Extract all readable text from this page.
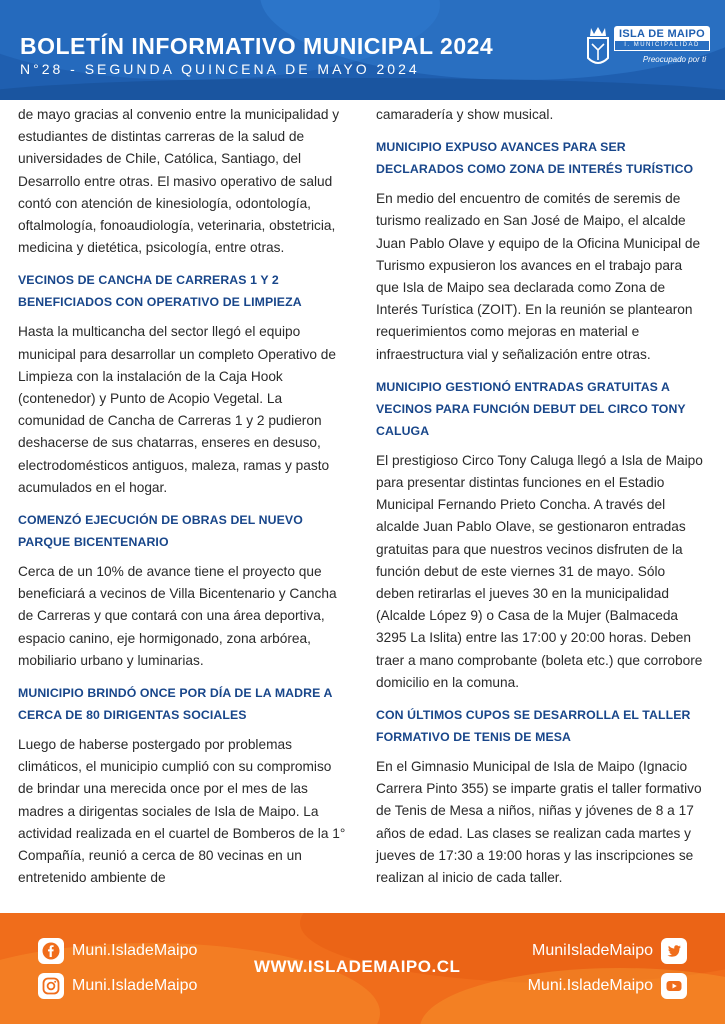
BOLETÍN INFORMATIVO MUNICIPAL 2024
N°28 - SEGUNDA QUINCENA DE MAYO 2024
ISLA DE MAIPO
I. MUNICIPALIDAD
Preocupado por ti

de mayo gracias al convenio entre la municipalidad y estudiantes de distintas carreras de la salud de universidades de Chile, Católica, Santiago, del Desarrollo entre otras. El masivo operativo de salud contó con atención de kinesiología, odontología, oftalmología, fonoaudiología, veterinaria, obstetricia, medicina y dietética, psicología, entre otras.

VECINOS DE CANCHA DE CARRERAS 1 Y 2 BENEFICIADOS CON OPERATIVO DE LIMPIEZA

Hasta la multicancha del sector llegó el equipo municipal para desarrollar un completo Operativo de Limpieza con la instalación de la Caja Hook (contenedor) y Punto de Acopio Vegetal. La comunidad de Cancha de Carreras 1 y 2 pudieron deshacerse de sus chatarras, enseres en desuso, electrodomésticos antiguos, maleza, ramas y pasto acumulados en el hogar.

COMENZÓ EJECUCIÓN DE OBRAS DEL NUEVO PARQUE BICENTENARIO

Cerca de un 10% de avance tiene el proyecto que beneficiará a vecinos de Villa Bicentenario y Cancha de Carreras y que contará con una área deportiva, espacio canino, eje hormigonado, zona arbórea, mobiliario urbano y luminarias.

MUNICIPIO BRINDÓ ONCE POR DÍA DE LA MADRE A CERCA DE 80 DIRIGENTAS SOCIALES

Luego de haberse postergado por problemas climáticos, el municipio cumplió con su compromiso de brindar una merecida once por el mes de las madres a dirigentas sociales de Isla de Maipo. La actividad realizada en el cuartel de Bomberos de la 1° Compañía, reunió a cerca de 80 vecinas en un entretenido ambiente de

camaradería y show musical.

MUNICIPIO EXPUSO AVANCES PARA SER DECLARADOS COMO ZONA DE INTERÉS TURÍSTICO

En medio del encuentro de comités de seremis de turismo realizado en San José de Maipo, el alcalde Juan Pablo Olave y equipo de la Oficina Municipal de Turismo expusieron los avances en el trabajo para que Isla de Maipo sea declarada como Zona de Interés Turística (ZOIT). En la reunión se plantearon requerimientos como mejoras en material e infraestructura vial y señalización entre otras.

MUNICIPIO GESTIONÓ ENTRADAS GRATUITAS A VECINOS PARA FUNCIÓN DEBUT DEL CIRCO TONY CALUGA

El prestigioso Circo Tony Caluga llegó a Isla de Maipo para presentar distintas funciones en el Estadio Municipal Fernando Prieto Concha. A través del alcalde Juan Pablo Olave, se gestionaron entradas gratuitas para que nuestros vecinos disfruten de la función debut de este viernes 31 de mayo. Sólo deben retirarlas el jueves 30 en la municipalidad (Alcalde López 9) o Casa de la Mujer (Balmaceda 3295 La Islita) entre las 17:00 y 20:00 horas. Deben traer a mano comprobante (boleta etc.) que corrobore domicilio en la comuna.

CON ÚLTIMOS CUPOS SE DESARROLLA EL TALLER FORMATIVO DE TENIS DE MESA

En el Gimnasio Municipal de Isla de Maipo (Ignacio Carrera Pinto 355) se imparte gratis el taller formativo de Tenis de Mesa a niños, niñas y jóvenes de 8 a 17 años de edad. Las clases se realizan cada martes y jueves de 17:30 a 19:00 horas y las inscripciones se realizan al inicio de cada taller.

Muni.IsladeMaipo
Muni.IsladeMaipo
WWW.ISLADEMAIPO.CL
MuniIsladeMaipo
Muni.IsladeMaipo
